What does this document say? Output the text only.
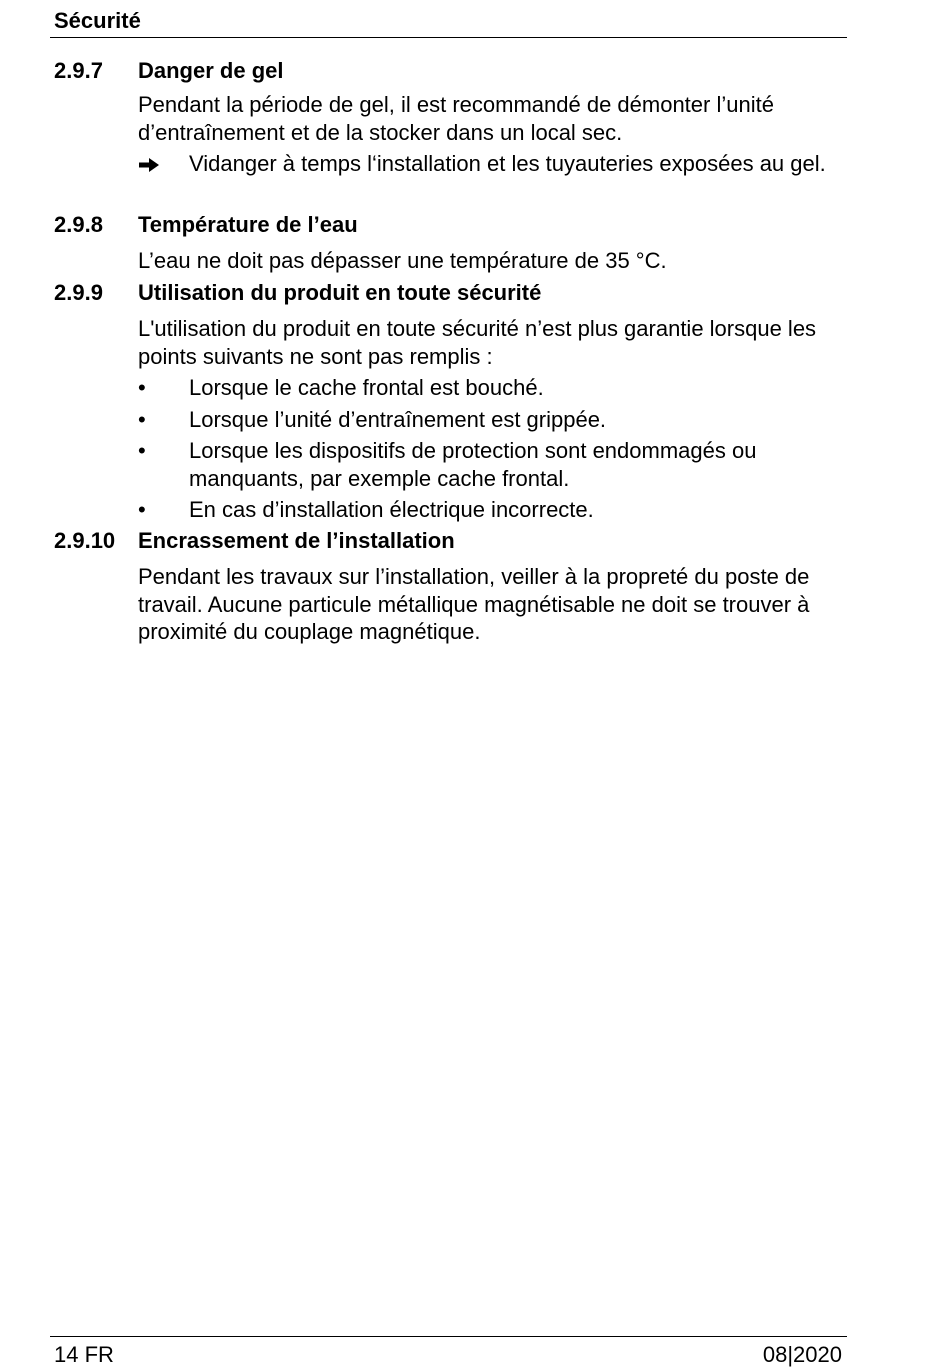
Sécurité
2.9.7 Danger de gel
Pendant la période de gel, il est recommandé de démonter l’unité d’entraînement et de la stocker dans un local sec.
Vidanger à temps l‘installation et les tuyauteries exposées au gel.
2.9.8 Température de l’eau
L’eau ne doit pas dépasser une température de 35 °C.
2.9.9 Utilisation du produit en toute sécurité
L'utilisation du produit en toute sécurité n’est plus garantie lorsque les points suivants ne sont pas remplis :
• Lorsque le cache frontal est bouché.
• Lorsque l’unité d’entraînement est grippée.
• Lorsque les dispositifs de protection sont endommagés ou manquants, par exemple cache frontal.
• En cas d’installation électrique incorrecte.
2.9.10 Encrassement de l’installation
Pendant les travaux sur l’installation, veiller à la propreté du poste de travail. Aucune particule métallique magnétisable ne doit se trouver à proximité du couplage magnétique.
14 FR	08|2020
